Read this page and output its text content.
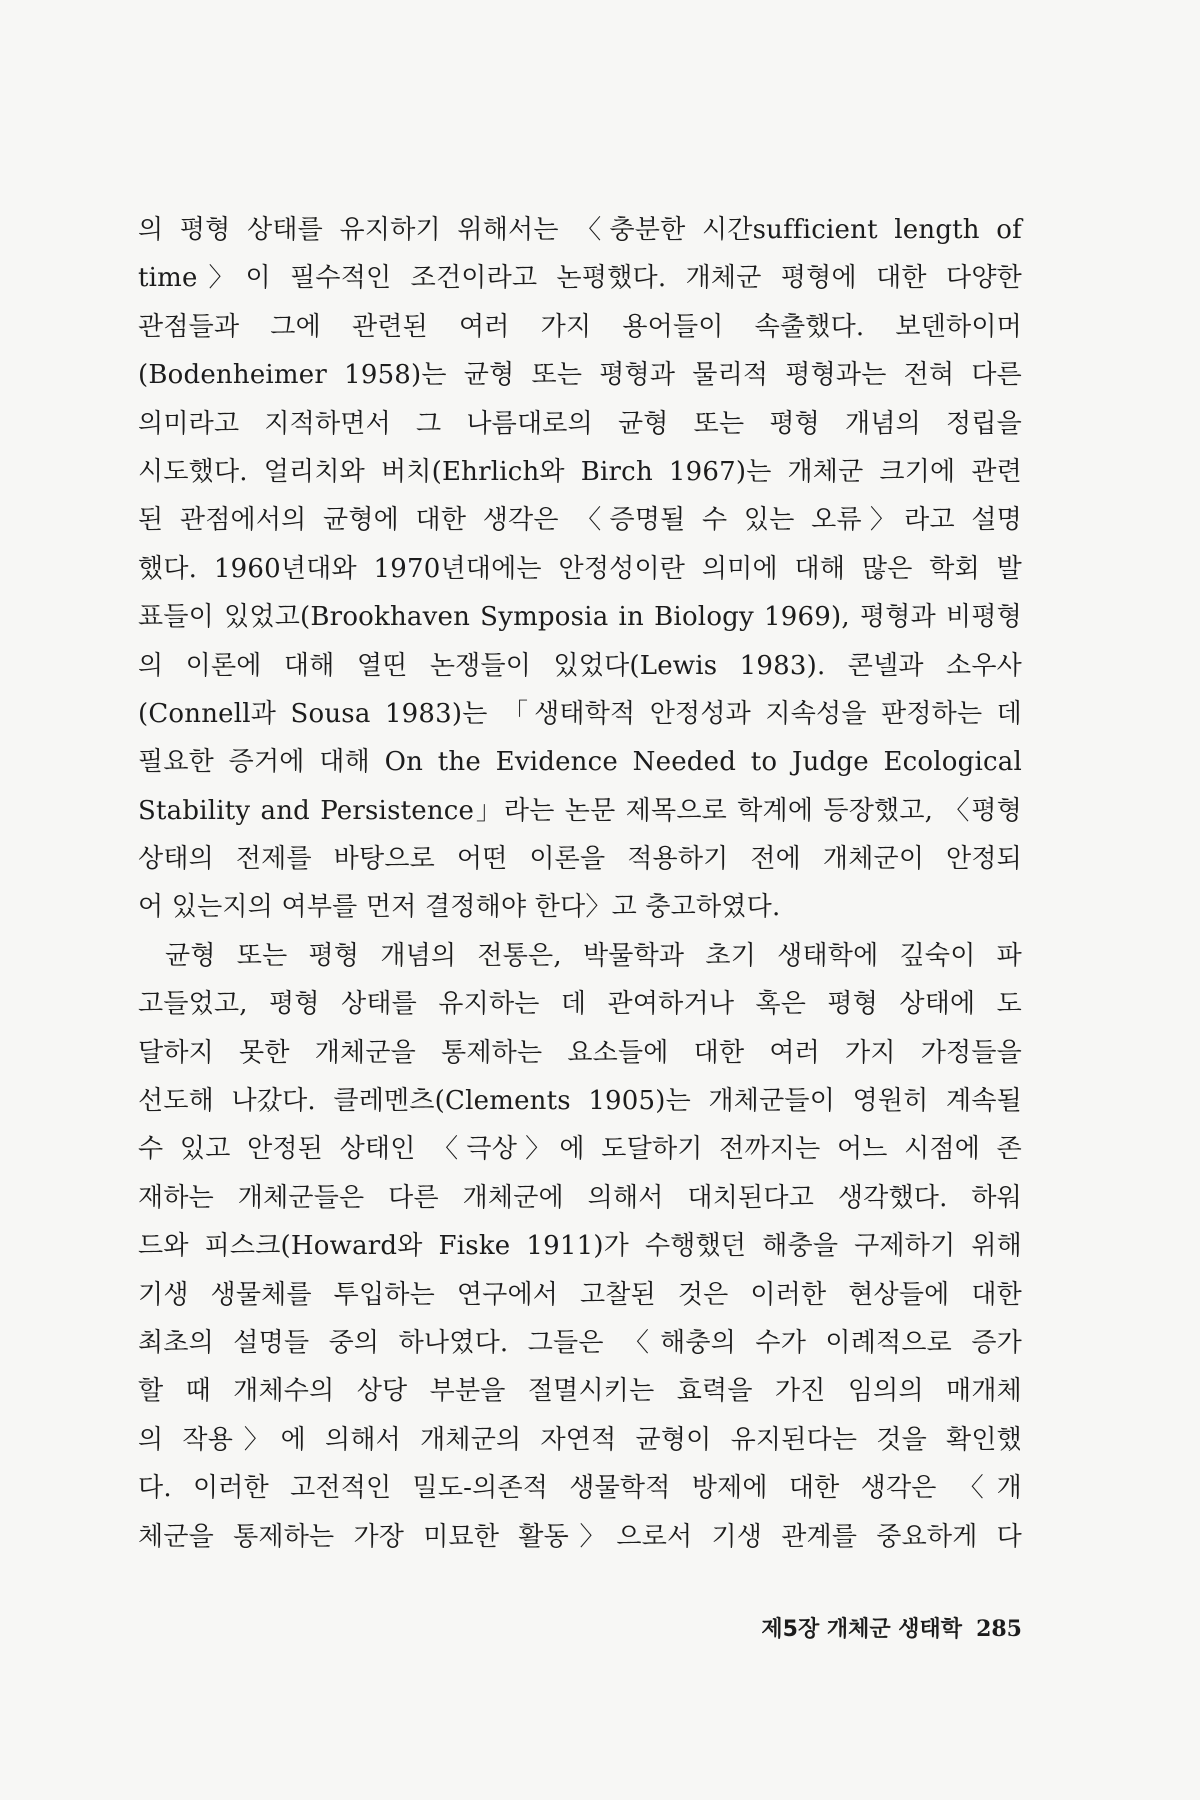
의 평형 상태를 유지하기 위해서는 〈충분한 시간sufficient length of
time〉이 필수적인 조건이라고 논평했다. 개체군 평형에 대한 다양한
관점들과 그에 관련된 여러 가지 용어들이 속출했다. 보덴하이머
(Bodenheimer 1958)는 균형 또는 평형과 물리적 평형과는 전혀 다른
의미라고 지적하면서 그 나름대로의 균형 또는 평형 개념의 정립을
시도했다. 얼리치와 버치(Ehrlich와 Birch 1967)는 개체군 크기에 관련
된 관점에서의 균형에 대한 생각은 〈증명될 수 있는 오류〉라고 설명
했다. 1960년대와 1970년대에는 안정성이란 의미에 대해 많은 학회 발
표들이 있었고(Brookhaven Symposia in Biology 1969), 평형과 비평형
의 이론에 대해 열띤 논쟁들이 있었다(Lewis 1983). 콘넬과 소우사
(Connell과 Sousa 1983)는 「생태학적 안정성과 지속성을 판정하는 데
필요한 증거에 대해 On the Evidence Needed to Judge Ecological
Stability and Persistence」라는 논문 제목으로 학계에 등장했고, 〈평형
상태의 전제를 바탕으로 어떤 이론을 적용하기 전에 개체군이 안정되
어 있는지의 여부를 먼저 결정해야 한다〉고 충고하였다.
균형 또는 평형 개념의 전통은, 박물학과 초기 생태학에 깊숙이 파
고들었고, 평형 상태를 유지하는 데 관여하거나 혹은 평형 상태에 도
달하지 못한 개체군을 통제하는 요소들에 대한 여러 가지 가정들을
선도해 나갔다. 클레멘츠(Clements 1905)는 개체군들이 영원히 계속될
수 있고 안정된 상태인 〈극상〉에 도달하기 전까지는 어느 시점에 존
재하는 개체군들은 다른 개체군에 의해서 대치된다고 생각했다. 하워
드와 피스크(Howard와 Fiske 1911)가 수행했던 해충을 구제하기 위해
기생 생물체를 투입하는 연구에서 고찰된 것은 이러한 현상들에 대한
최초의 설명들 중의 하나였다. 그들은 〈해충의 수가 이례적으로 증가
할 때 개체수의 상당 부분을 절멸시키는 효력을 가진 임의의 매개체
의 작용〉에 의해서 개체군의 자연적 균형이 유지된다는 것을 확인했
다. 이러한 고전적인 밀도-의존적 생물학적 방제에 대한 생각은 〈개
체군을 통제하는 가장 미묘한 활동〉으로서 기생 관계를 중요하게 다
제5장 개체군 생태학 285
